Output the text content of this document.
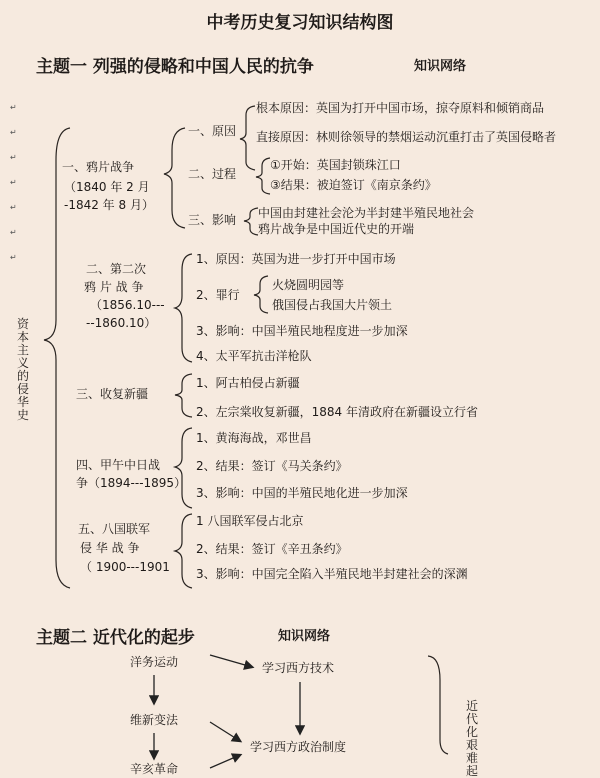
↵
↵
↵
↵
↵
↵
↵
中考历史复习知识结构图
主题一 列强的侵略和中国人民的抗争	知识网络
资本主义的侵华史
一、鸦片战争
（1840 年 2 月
-1842 年 8 月）
一、原因
根本原因：英国为打开中国市场，掠夺原料和倾销商品
直接原因：林则徐领导的禁烟运动沉重打击了英国侵略者
二、过程
①开始：英国封锁珠江口
③结果：被迫签订《南京条约》
三、影响 中国由封建社会沦为半封建半殖民地社会
鸦片战争是中国近代史的开端
二、第二次
鸦 片 战 争
（1856.10---
--1860.10）
1、原因：英国为进一步打开中国市场
2、罪行
火烧圆明园等
俄国侵占我国大片领土
3、影响：中国半殖民地程度进一步加深
4、太平军抗击洋枪队
三、收复新疆
1、阿古柏侵占新疆
2、左宗棠收复新疆，1884 年清政府在新疆设立行省
四、甲午中日战
争（1894---1895）
1、黄海海战，邓世昌
2、结果：签订《马关条约》
3、影响：中国的半殖民地化进一步加深
五、八国联军
侵 华 战 争
（ 1900---1901
1 八国联军侵占北京
2、结果：签订《辛丑条约》
3、影响：中国完全陷入半殖民地半封建社会的深渊
主题二 近代化的起步	知识网络
洋务运动
维新变法
辛亥革命
学习西方技术
学习西方政治制度
近代化艰难起
